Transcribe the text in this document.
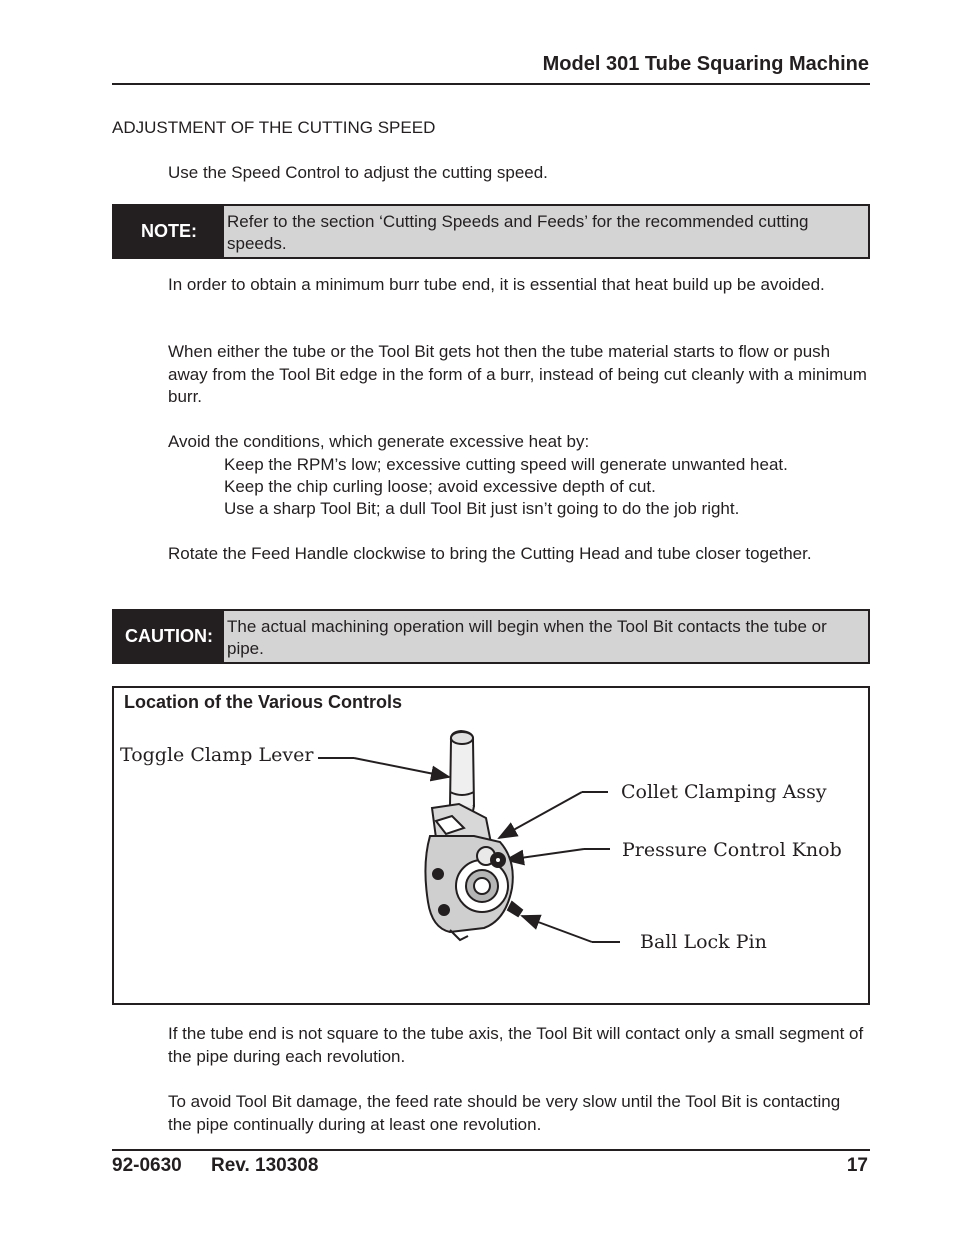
Model 301 Tube Squaring Machine
ADJUSTMENT OF THE CUTTING SPEED
Use the Speed Control to adjust the cutting speed.
NOTE:	Refer to the section ‘Cutting Speeds and Feeds’ for the recommended cutting speeds.
In order to obtain a minimum burr tube end, it is essential that heat build up be avoided.
When either the tube or the Tool Bit gets hot then the tube material starts to flow or push away from the Tool Bit edge in the form of a burr, instead of being cut cleanly with a minimum burr.
Avoid the conditions, which generate excessive heat by:
Keep the RPM’s low; excessive cutting speed will generate unwanted heat.
Keep the chip curling loose; avoid excessive depth of cut.
Use a sharp Tool Bit; a dull Tool Bit just isn’t going to do the job right.
Rotate the Feed Handle clockwise to bring the Cutting Head and tube closer together.
CAUTION: The actual machining operation will begin when the Tool Bit contacts the tube or pipe.
Location of the Various Controls
Toggle Clamp Lever
Collet Clamping Assy
Pressure Control Knob
Ball Lock Pin
If the tube end is not square to the tube axis, the Tool Bit will contact only a small segment of the pipe during each revolution.
To avoid Tool Bit damage, the feed rate should be very slow until the Tool Bit is contacting the pipe continually during at least one revolution.
92-0630 Rev. 130308	17
